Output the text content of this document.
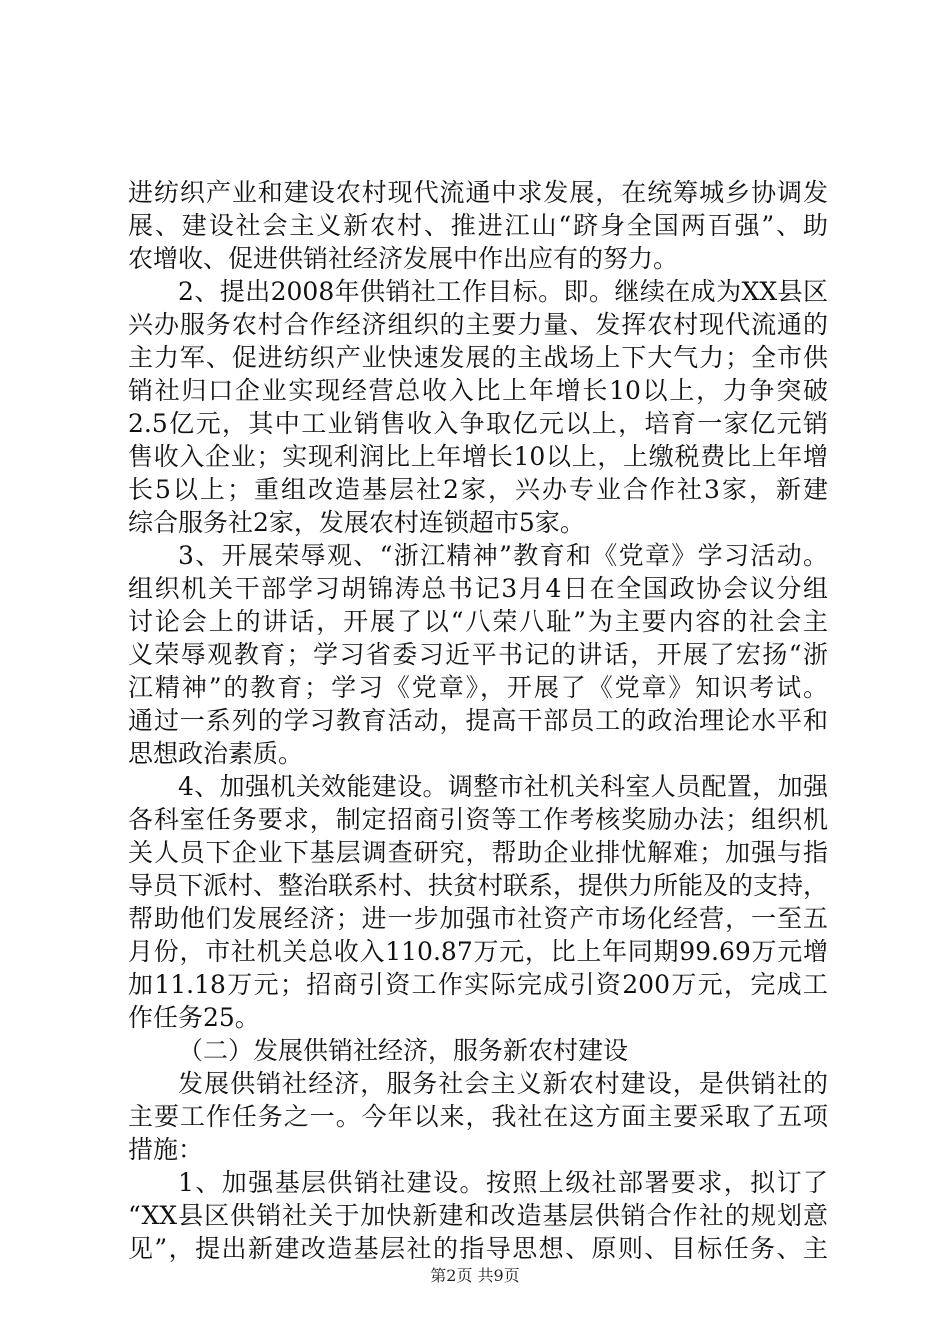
进纺织产业和建设农村现代流通中求发展，在统筹城乡协调发
展、建设社会主义新农村、推进江山“跻身全国两百强”、助
农增收、促进供销社经济发展中作出应有的努力。
2、提出2008年供销社工作目标。即。继续在成为XX县区
兴办服务农村合作经济组织的主要力量、发挥农村现代流通的
主力军、促进纺织产业快速发展的主战场上下大气力；全市供
销社归口企业实现经营总收入比上年增长10以上，力争突破
2.5亿元，其中工业销售收入争取亿元以上，培育一家亿元销
售收入企业；实现利润比上年增长10以上，上缴税费比上年增
长5以上；重组改造基层社2家，兴办专业合作社3家，新建
综合服务社2家，发展农村连锁超市5家。
3、开展荣辱观、“浙江精神”教育和《党章》学习活动。
组织机关干部学习胡锦涛总书记3月4日在全国政协会议分组
讨论会上的讲话，开展了以“八荣八耻”为主要内容的社会主
义荣辱观教育；学习省委习近平书记的讲话，开展了宏扬“浙
江精神”的教育；学习《党章》，开展了《党章》知识考试。
通过一系列的学习教育活动，提高干部员工的政治理论水平和
思想政治素质。
4、加强机关效能建设。调整市社机关科室人员配置，加强
各科室任务要求，制定招商引资等工作考核奖励办法；组织机
关人员下企业下基层调查研究，帮助企业排忧解难；加强与指
导员下派村、整治联系村、扶贫村联系，提供力所能及的支持，
帮助他们发展经济；进一步加强市社资产市场化经营，一至五
月份，市社机关总收入110.87万元，比上年同期99.69万元增
加11.18万元；招商引资工作实际完成引资200万元，完成工
作任务25。
（二）发展供销社经济，服务新农村建设
发展供销社经济，服务社会主义新农村建设，是供销社的
主要工作任务之一。今年以来，我社在这方面主要采取了五项
措施：
1、加强基层供销社建设。按照上级社部署要求，拟订了
“XX县区供销社关于加快新建和改造基层供销合作社的规划意
见”，提出新建改造基层社的指导思想、原则、目标任务、主
第2页 共9页
